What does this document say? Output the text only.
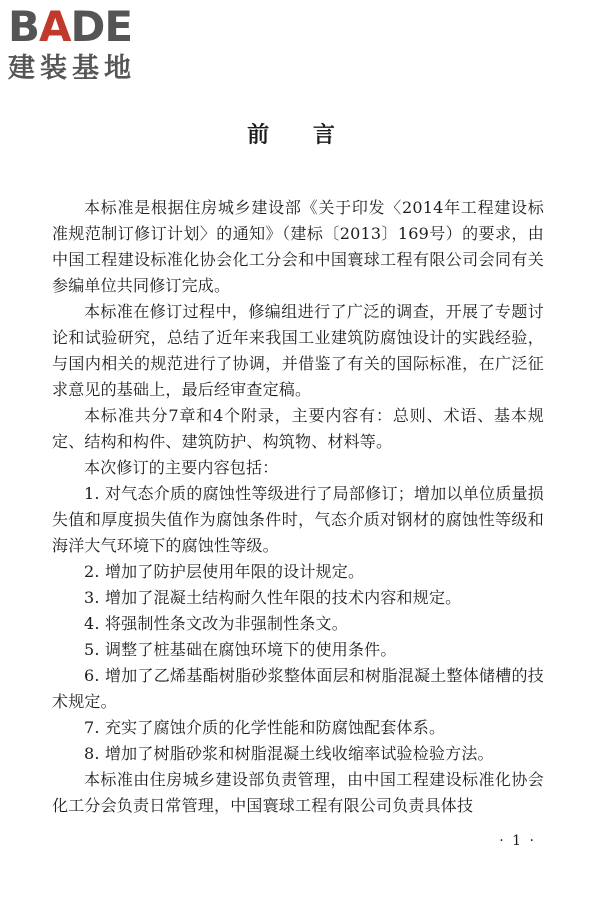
BADE
建装基地
前 言

本标准是根据住房城乡建设部《关于印发〈2014年工程建设标准规范制订修订计划〉的通知》（建标〔2013〕169号）的要求，由中国工程建设标准化协会化工分会和中国寰球工程有限公司会同有关参编单位共同修订完成。

本标准在修订过程中，修编组进行了广泛的调查，开展了专题讨论和试验研究，总结了近年来我国工业建筑防腐蚀设计的实践经验，与国内相关的规范进行了协调，并借鉴了有关的国际标准，在广泛征求意见的基础上，最后经审查定稿。

本标准共分7章和4个附录，主要内容有：总则、术语、基本规定、结构和构件、建筑防护、构筑物、材料等。

本次修订的主要内容包括：

1. 对气态介质的腐蚀性等级进行了局部修订；增加以单位质量损失值和厚度损失值作为腐蚀条件时，气态介质对钢材的腐蚀性等级和海洋大气环境下的腐蚀性等级。

2. 增加了防护层使用年限的设计规定。

3. 增加了混凝土结构耐久性年限的技术内容和规定。

4. 将强制性条文改为非强制性条文。

5. 调整了桩基础在腐蚀环境下的使用条件。

6. 增加了乙烯基酯树脂砂浆整体面层和树脂混凝土整体储槽的技术规定。

7. 充实了腐蚀介质的化学性能和防腐蚀配套体系。

8. 增加了树脂砂浆和树脂混凝土线收缩率试验检验方法。

本标准由住房城乡建设部负责管理，由中国工程建设标准化协会化工分会负责日常管理，中国寰球工程有限公司负责具体技

· 1 ·
